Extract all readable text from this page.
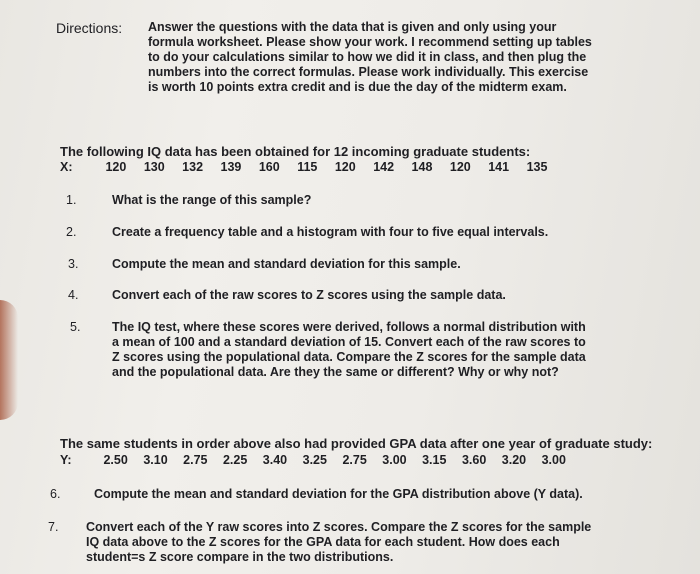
Directions: Answer the questions with the data that is given and only using your formula worksheet. Please show your work. I recommend setting up tables to do your calculations similar to how we did it in class, and then plug the numbers into the correct formulas. Please work individually. This exercise is worth 10 points extra credit and is due the day of the midterm exam.
The following IQ data has been obtained for 12 incoming graduate students:
X:	120 130 132 139 160 115 120 142 148 120 141 135
1.	What is the range of this sample?
2.	Create a frequency table and a histogram with four to five equal intervals.
3.	Compute the mean and standard deviation for this sample.
4.	Convert each of the raw scores to Z scores using the sample data.
5.	The IQ test, where these scores were derived, follows a normal distribution with a mean of 100 and a standard deviation of 15. Convert each of the raw scores to Z scores using the populational data. Compare the Z scores for the sample data and the populational data. Are they the same or different? Why or why not?
The same students in order above also had provided GPA data after one year of graduate study:
Y:	2.50 3.10 2.75 2.25 3.40 3.25 2.75 3.00 3.15 3.60 3.20 3.00
6.	Compute the mean and standard deviation for the GPA distribution above (Y data).
7. Convert each of the Y raw scores into Z scores. Compare the Z scores for the sample IQ data above to the Z scores for the GPA data for each student. How does each student=s Z score compare in the two distributions.
